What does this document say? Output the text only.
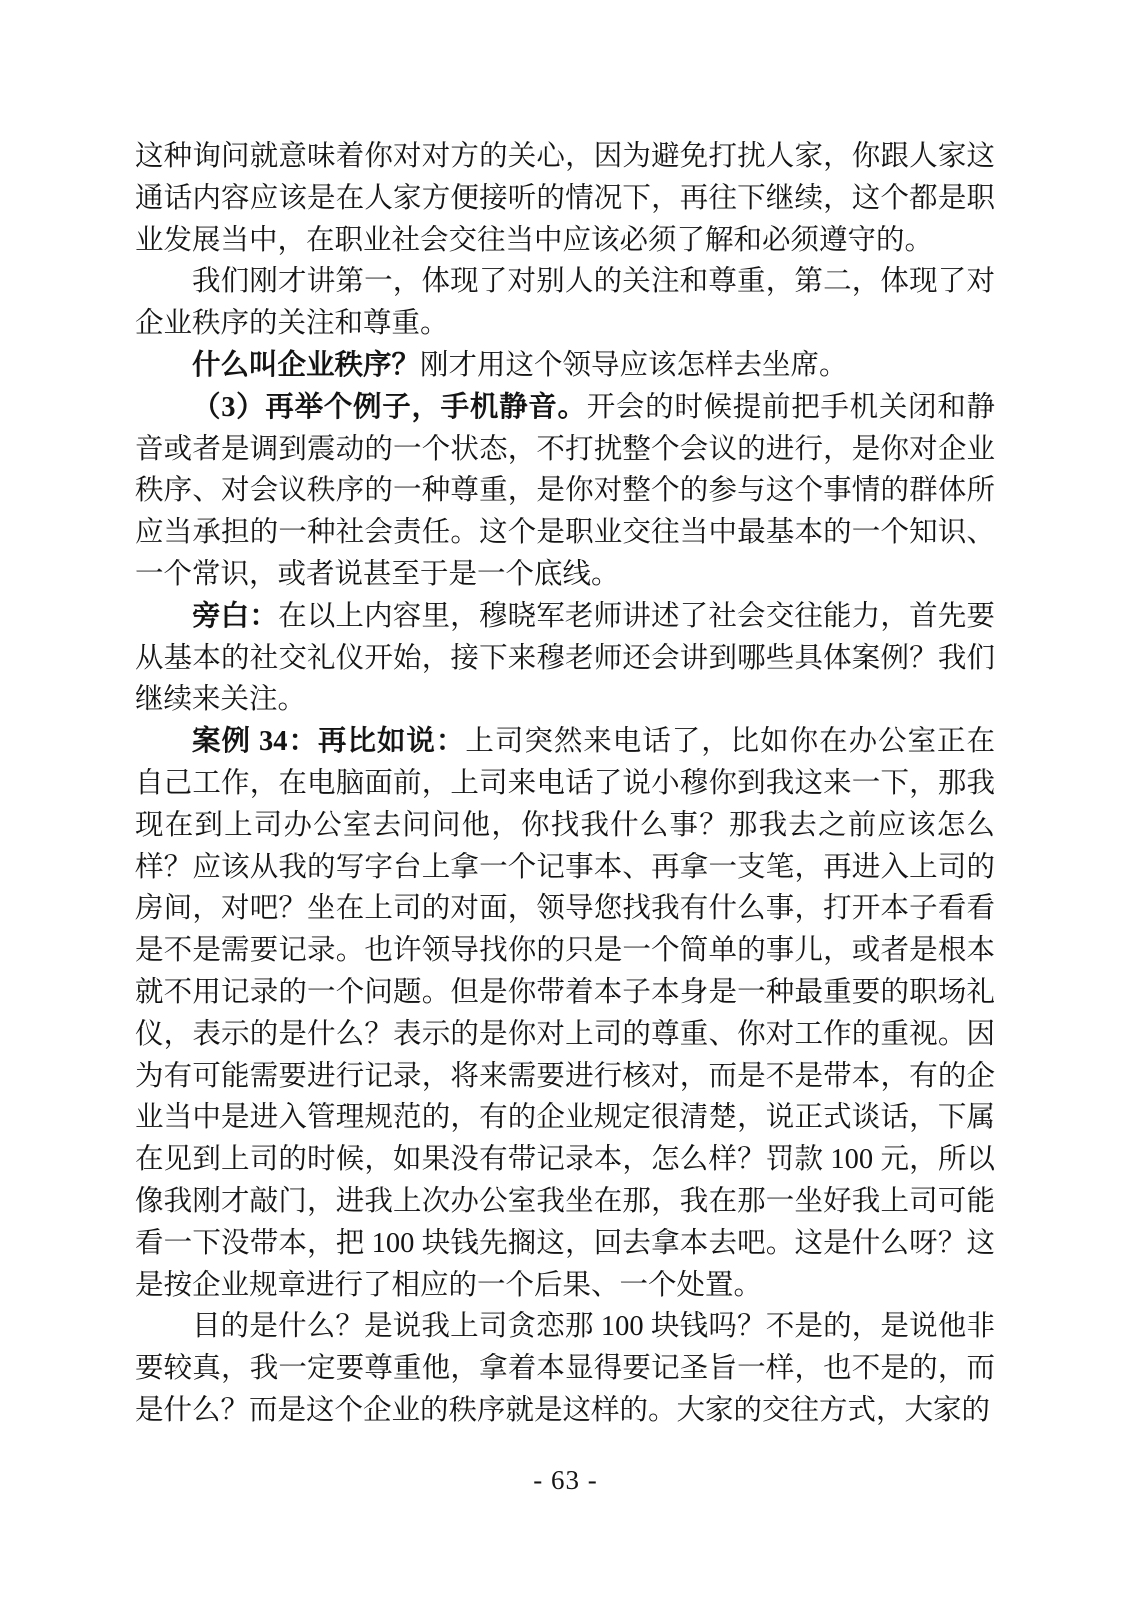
这种询问就意味着你对对方的关心，因为避免打扰人家，你跟人家这通话内容应该是在人家方便接听的情况下，再往下继续，这个都是职业发展当中，在职业社会交往当中应该必须了解和必须遵守的。

我们刚才讲第一，体现了对别人的关注和尊重，第二，体现了对企业秩序的关注和尊重。

什么叫企业秩序？刚才用这个领导应该怎样去坐席。

（3）再举个例子，手机静音。开会的时候提前把手机关闭和静音或者是调到震动的一个状态，不打扰整个会议的进行，是你对企业秩序、对会议秩序的一种尊重，是你对整个的参与这个事情的群体所应当承担的一种社会责任。这个是职业交往当中最基本的一个知识、一个常识，或者说甚至于是一个底线。

旁白：在以上内容里，穆晓军老师讲述了社会交往能力，首先要从基本的社交礼仪开始，接下来穆老师还会讲到哪些具体案例？我们继续来关注。

案例 34：再比如说：上司突然来电话了，比如你在办公室正在自己工作，在电脑面前，上司来电话了说小穆你到我这来一下，那我现在到上司办公室去问问他，你找我什么事？那我去之前应该怎么样？应该从我的写字台上拿一个记事本、再拿一支笔，再进入上司的房间，对吧？坐在上司的对面，领导您找我有什么事，打开本子看看是不是需要记录。也许领导找你的只是一个简单的事儿，或者是根本就不用记录的一个问题。但是你带着本子本身是一种最重要的职场礼仪，表示的是什么？表示的是你对上司的尊重、你对工作的重视。因为有可能需要进行记录，将来需要进行核对，而是不是带本，有的企业当中是进入管理规范的，有的企业规定很清楚，说正式谈话，下属在见到上司的时候，如果没有带记录本，怎么样？罚款 100 元，所以像我刚才敲门，进我上次办公室我坐在那，我在那一坐好我上司可能看一下没带本，把 100 块钱先搁这，回去拿本去吧。这是什么呀？这是按企业规章进行了相应的一个后果、一个处置。

目的是什么？是说我上司贪恋那 100 块钱吗？不是的，是说他非要较真，我一定要尊重他，拿着本显得要记圣旨一样，也不是的，而是什么？而是这个企业的秩序就是这样的。大家的交往方式，大家的

- 63 -
